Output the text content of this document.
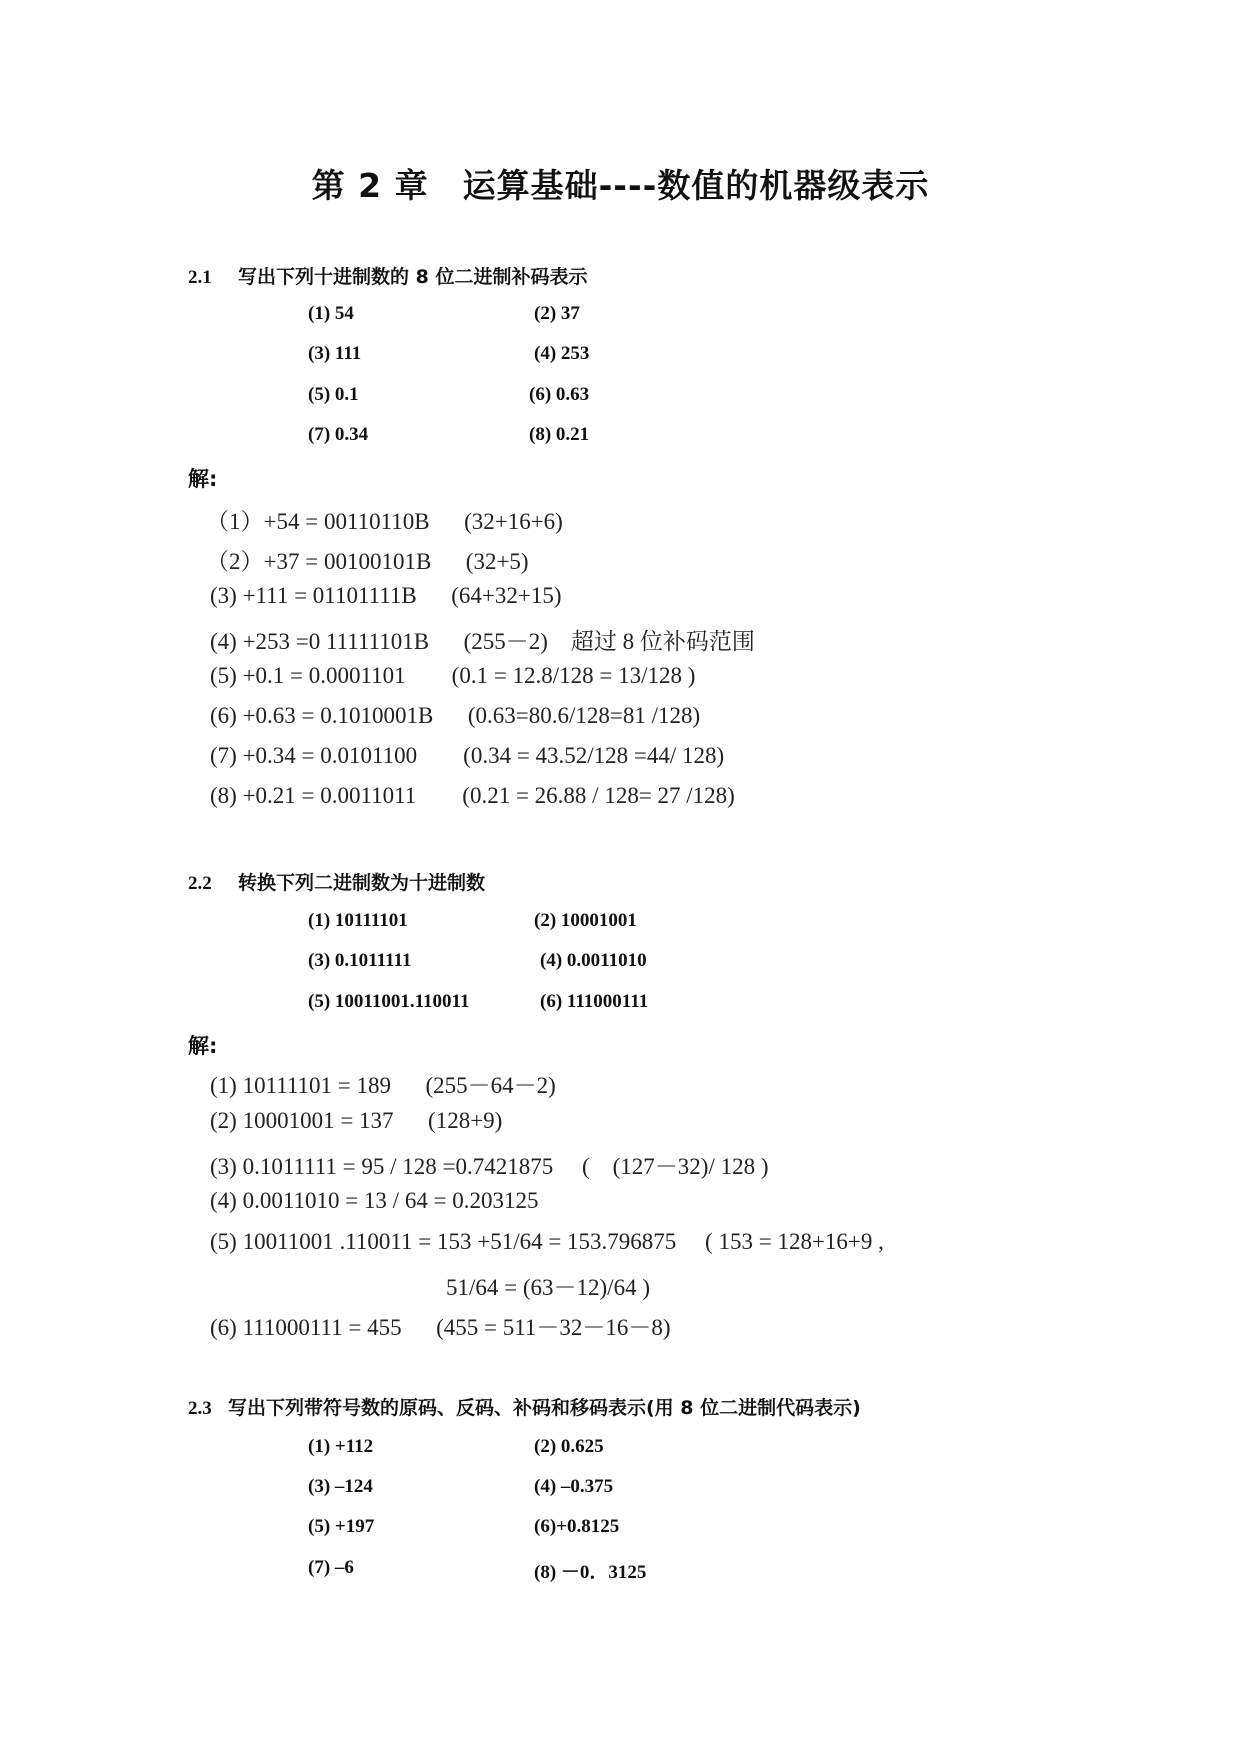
第 2 章　运算基础----数值的机器级表示
2.1 写出下列十进制数的 8 位二进制补码表示
(1) 54	(2) 37
(3) 111	(4) 253
(5) 0.1	(6) 0.63
(7) 0.34	(8) 0.21
解:
（1）+54 = 00110110B      (32+16+6)
（2）+37 = 00100101B      (32+5)
(3) +111 = 01101111B      (64+32+15)
(4) +253 =0 11111101B      (255－2)    超过 8 位补码范围
(5) +0.1 = 0.0001101        (0.1 = 12.8/128 = 13/128 )
(6) +0.63 = 0.1010001B      (0.63=80.6/128=81 /128)
(7) +0.34 = 0.0101100        (0.34 = 43.52/128 =44/ 128)
(8) +0.21 = 0.0011011        (0.21 = 26.88 / 128= 27 /128)
2.2 转换下列二进制数为十进制数
(1) 10111101	(2) 10001001
(3) 0.1011111	(4) 0.0011010
(5) 10011001.110011	(6) 111000111
解:
(1) 10111101 = 189      (255－64－2)
(2) 10001001 = 137      (128+9)
(3) 0.1011111 = 95 / 128 =0.7421875     (    (127－32)/ 128 )
(4) 0.0011010 = 13 / 64 = 0.203125
(5) 10011001 .110011 = 153 +51/64 = 153.796875     ( 153 = 128+16+9 ,
51/64 = (63－12)/64 )
(6) 111000111 = 455      (455 = 511－32－16－8)
2.3 写出下列带符号数的原码、反码、补码和移码表示(用 8 位二进制代码表示)
(1) +112	(2) 0.625
(3) –124	(4) –0.375
(5) +197	(6)+0.8125
(7) –6	(8) －0．3125
